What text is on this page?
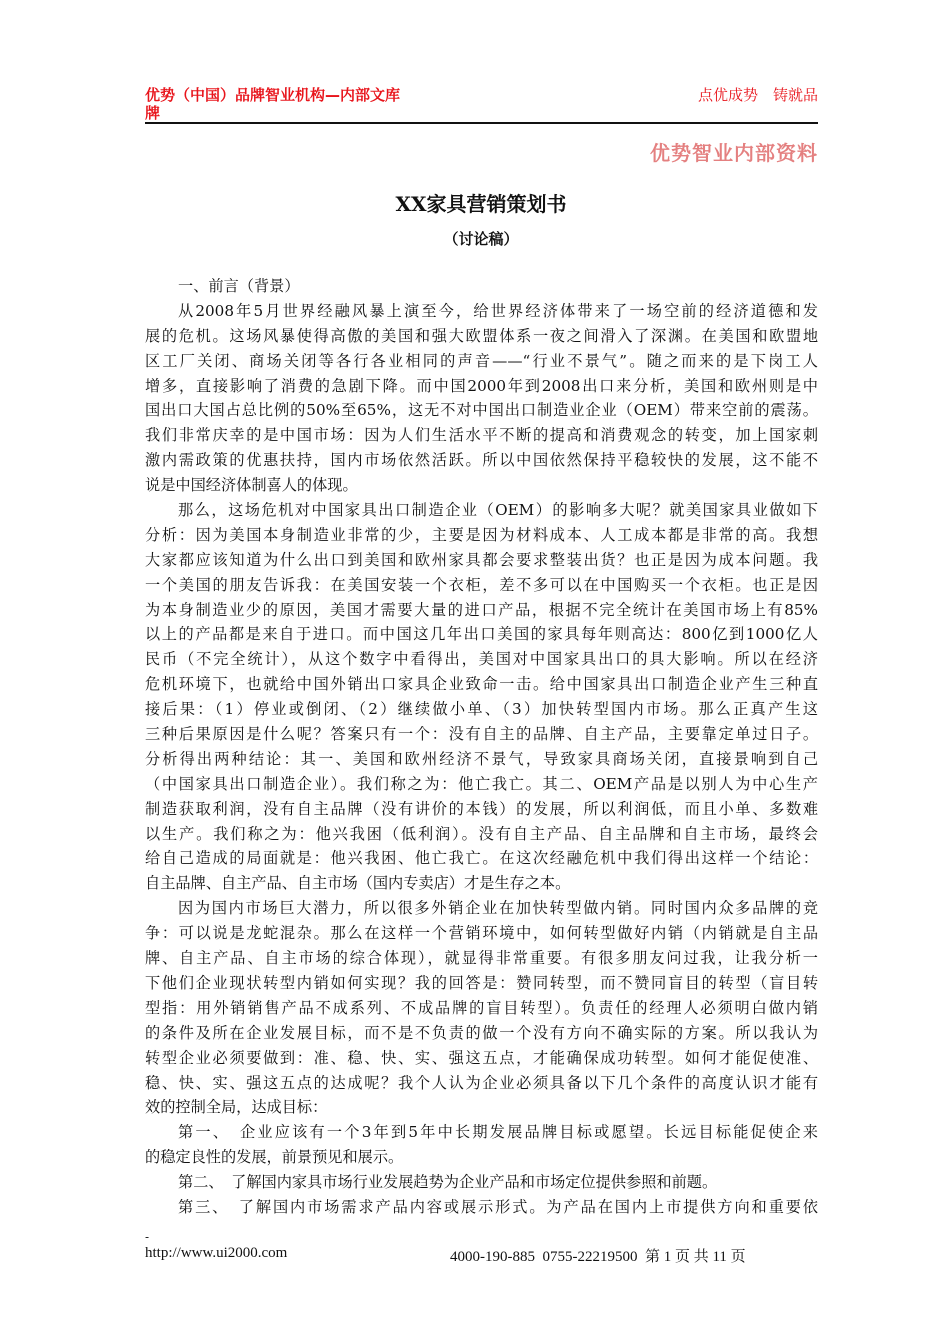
优势（中国）品牌智业机构—内部文库
牌
点优成势　铸就品
优势智业内部资料
XX家具营销策划书
（讨论稿）
一、前言（背景）
从2008年5月世界经融风暴上演至今，给世界经济体带来了一场空前的经济道德和发
展的危机。这场风暴使得高傲的美国和强大欧盟体系一夜之间滑入了深渊。在美国和欧盟地
区工厂关闭、商场关闭等各行各业相同的声音——“行业不景气”。随之而来的是下岗工人
增多，直接影响了消费的急剧下降。而中国2000年到2008出口来分析，美国和欧州则是中
国出口大国占总比例的50%至65%，这无不对中国出口制造业企业（OEM）带来空前的震荡。
我们非常庆幸的是中国市场：因为人们生活水平不断的提高和消费观念的转变，加上国家刺
激内需政策的优惠扶持，国内市场依然活跃。所以中国依然保持平稳较快的发展，这不能不
说是中国经济体制喜人的体现。
那么，这场危机对中国家具出口制造企业（OEM）的影响多大呢？就美国家具业做如下
分析：因为美国本身制造业非常的少，主要是因为材料成本、人工成本都是非常的高。我想
大家都应该知道为什么出口到美国和欧州家具都会要求整装出货？也正是因为成本问题。我
一个美国的朋友告诉我：在美国安装一个衣柜，差不多可以在中国购买一个衣柜。也正是因
为本身制造业少的原因，美国才需要大量的进口产品，根据不完全统计在美国市场上有85%
以上的产品都是来自于进口。而中国这几年出口美国的家具每年则高达：800亿到1000亿人
民币（不完全统计），从这个数字中看得出，美国对中国家具出口的具大影响。所以在经济
危机环境下，也就给中国外销出口家具企业致命一击。给中国家具出口制造企业产生三种直
接后果：（1）停业或倒闭、（2）继续做小单、（3）加快转型国内市场。那么正真产生这
三种后果原因是什么呢？答案只有一个：没有自主的品牌、自主产品，主要靠定单过日子。
分析得出两种结论：其一、美国和欧州经济不景气，导致家具商场关闭，直接景响到自己
（中国家具出口制造企业）。我们称之为：他亡我亡。其二、OEM产品是以别人为中心生产
制造获取利润，没有自主品牌（没有讲价的本钱）的发展，所以利润低，而且小单、多数难
以生产。我们称之为：他兴我困（低利润）。没有自主产品、自主品牌和自主市场，最终会
给自己造成的局面就是：他兴我困、他亡我亡。在这次经融危机中我们得出这样一个结论：
自主品牌、自主产品、自主市场（国内专卖店）才是生存之本。
因为国内市场巨大潜力，所以很多外销企业在加快转型做内销。同时国内众多品牌的竞
争：可以说是龙蛇混杂。那么在这样一个营销环境中，如何转型做好内销（内销就是自主品
牌、自主产品、自主市场的综合体现），就显得非常重要。有很多朋友问过我，让我分析一
下他们企业现状转型内销如何实现？我的回答是：赞同转型，而不赞同盲目的转型（盲目转
型指：用外销销售产品不成系列、不成品牌的盲目转型）。负责任的经理人必须明白做内销
的条件及所在企业发展目标，而不是不负责的做一个没有方向不确实际的方案。所以我认为
转型企业必须要做到：准、稳、快、实、强这五点，才能确保成功转型。如何才能促使准、
稳、快、实、强这五点的达成呢？我个人认为企业必须具备以下几个条件的高度认识才能有
效的控制全局，达成目标：
第一、　企业应该有一个3年到5年中长期发展品牌目标或愿望。长远目标能促使企来
的稳定良性的发展，前景预见和展示。
第二、　了解国内家具市场行业发展趋势为企业产品和市场定位提供参照和前题。
第三、　了解国内市场需求产品内容或展示形式。为产品在国内上市提供方向和重要依
-
http://www.ui2000.com	4000-190-885  0755-22219500  第 1 页 共 11 页
